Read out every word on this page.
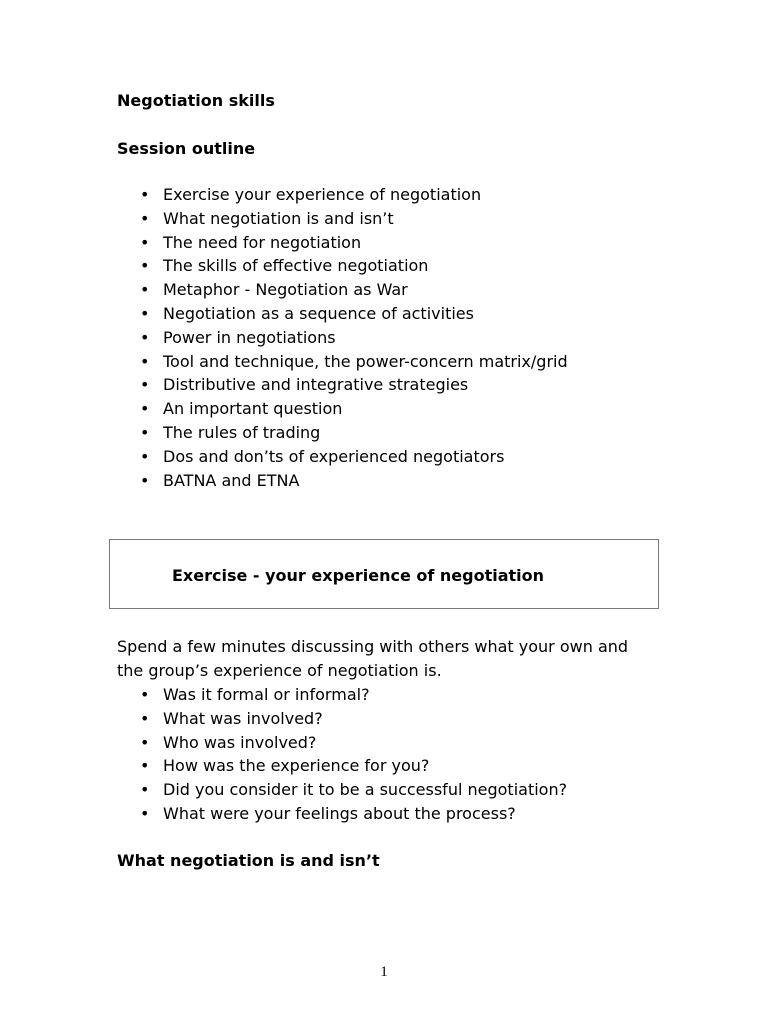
Negotiation skills
Session outline
• Exercise your experience of negotiation
• What negotiation is and isn’t
• The need for negotiation
• The skills of effective negotiation
• Metaphor - Negotiation as War
• Negotiation as a sequence of activities
• Power in negotiations
• Tool and technique, the power-concern matrix/grid
• Distributive and integrative strategies
• An important question
• The rules of trading
• Dos and don’ts of experienced negotiators
• BATNA and ETNA
Exercise - your experience of negotiation

Spend a few minutes discussing with others what your own and the group’s experience of negotiation is.

• Was it formal or informal?
• What was involved?
• Who was involved?
• How was the experience for you?
• Did you consider it to be a successful negotiation?
• What were your feelings about the process?
What negotiation is and isn’t
1
